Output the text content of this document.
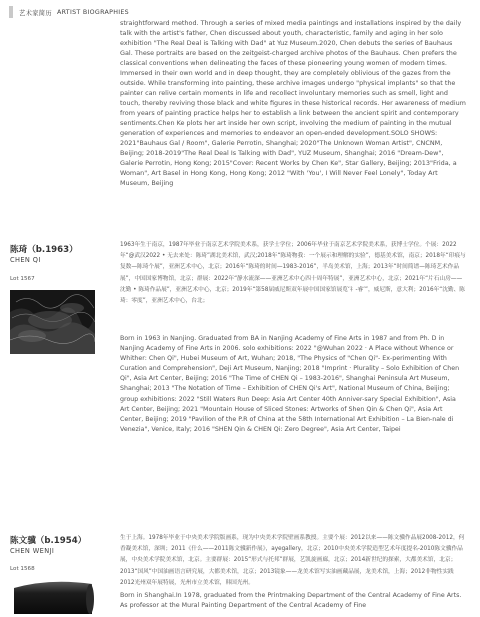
艺术家简历 ARTIST BIOGRAPHIES

straightforward method. Through a series of mixed media paintings and installations inspired by the daily talk with the artist's father, Chen discussed about youth, characteristic, family and aging in her solo exhibition "The Real Deal is Talking with Dad" at Yuz Museum.2020, Chen debuts the series of Bauhaus Gal. These portraits are based on the zeitgeist-charged archive photos of the Bauhaus. Chen prefers the classical conventions when delineating the faces of these pioneering young women of modern times. Immersed in their own world and in deep thought, they are completely oblivious of the gazes from the outside. While transforming into painting, these archive images undergo "physical implants" so that the painter can relive certain moments in life and recollect involuntary memories such as smell, light and touch, thereby reviving those black and white figures in these historical records. Her awareness of medium from years of painting practice helps her to establish a link between the ancient spirit and contemporary sentiments.Chen Ke plots her art inside her own script, involving the medium of painting in the mutual generation of experiences and memories to endeavor an open-ended development.SOLO SHOWS: 2021"Bauhaus Gal / Room", Galerie Perrotin, Shanghai; 2020"The Unknown Woman Artist", CNCNM, Beijing; 2018-2019"The Real Deal Is Talking with Dad", YUZ Museum, Shanghai; 2016 "Dream-Dew", Galerie Perrotin, Hong Kong; 2015"Cover: Recent Works by Chen Ke", Star Gallery, Beijing; 2013"Frida, a Woman", Art Basel in Hong Kong, Hong Kong; 2012 "With 'You', I Will Never Feel Lonely", Today Art Museum, Beijing

陈琦（b.1963）
CHEN QI
Lot 1567

1963年生于南京，1987年毕业于南京艺术学院美术系，获学士学位；2006年毕业于南京艺术学院美术系，获博士学位。个展：2022年“@武汉2022 • 无去来处：陈琦”湖北美术馆，武汉;2018年“陈琦物我：一个展示和理解的实验”，德基美术馆，南京；2018年“印痕与复数—陈琦个展”，亚洲艺术中心，北京；2016年“陈琦的时间—1983-2016”，半岛美术馆，上海；2013年“时间简谱—陈琦艺术作品展”，中国国家博物馆，北京；群展：2022年“静水流深——亚洲艺术中心四十周年特展”，亚洲艺术中心，北京；2021年“片石山房——沈勤 • 陈琦作品展”，亚洲艺术中心，北京；2019年“第58届威尼斯双年展中国国家馆展览‘礻-睿’”，威尼斯，意大利；2016年“沈勤、陈琦：零度”，亚洲艺术中心，台北；

Born in 1963 in Nanjing. Graduated from BA in Nanjing Academy of Fine Arts in 1987 and from Ph. D in Nanjing Academy of Fine Arts in 2006. solo exhibitions: 2022 "@Wuhan 2022 · A Place without Whence or Whither: Chen Qi", Hubei Museum of Art, Wuhan; 2018, "The Physics of "Chen Qi"- Ex-perimenting With Curation and Comprehension", Deji Art Museum, Nanjing; 2018 "Imprint · Plurality – Solo Exhibition of Chen Qi", Asia Art Center, Beijing; 2016 "The Time of CHEN Qi – 1983-2016", Shanghai Peninsula Art Museum, Shanghai; 2013 "The Notation of Time – Exhibition of CHEN Qi's Art", National Museum of China, Beijing; group exhibitions: 2022 "Still Waters Run Deep: Asia Art Center 40th Anniver-sary Special Exhibition", Asia Art Center, Beijing; 2021 "Mountain House of Sliced Stones: Artworks of Shen Qin & Chen Qi", Asia Art Center, Beijing; 2019 "Pavilion of the P.R of China at the 58th International Art Exhibition – La Bien-nale di Venezia", Venice, Italy; 2016 "SHEN Qin & CHEN Qi: Zero Degree", Asia Art Center, Taipei

陈文骥（b.1954）
CHEN WENJI
Lot 1568

生于上海。1978年毕业于中央美术学院版画系，现为中央美术学院壁画系教授。主要个展：2012以来——陈文骥作品展2008-2012，何香凝美术馆，深圳；2011《什么——2011陈文骥新作展》，ayegallery，北京；2010中央美术学院造型艺术年度提名-2010陈文骥作品展，中央美术学院美术馆，北京。主要群展：2015“形式与托邦”群展，艺凯旋画廊，北京；2014新世纪的探索，大都美术馆，北京；2013“国风”中国油画语言研究展，大都美术馆，北京；2013镜象——龙美术馆写实油画藏品展，龙美术馆，上海；2012非物性实践2012光州双年展特展，光州市立美术馆，韩国光州。

Born in Shanghai.In 1978, graduated from the Printmaking Department of the Central Academy of Fine Arts. As professor at the Mural Painting Department of the Central Academy of Fine
